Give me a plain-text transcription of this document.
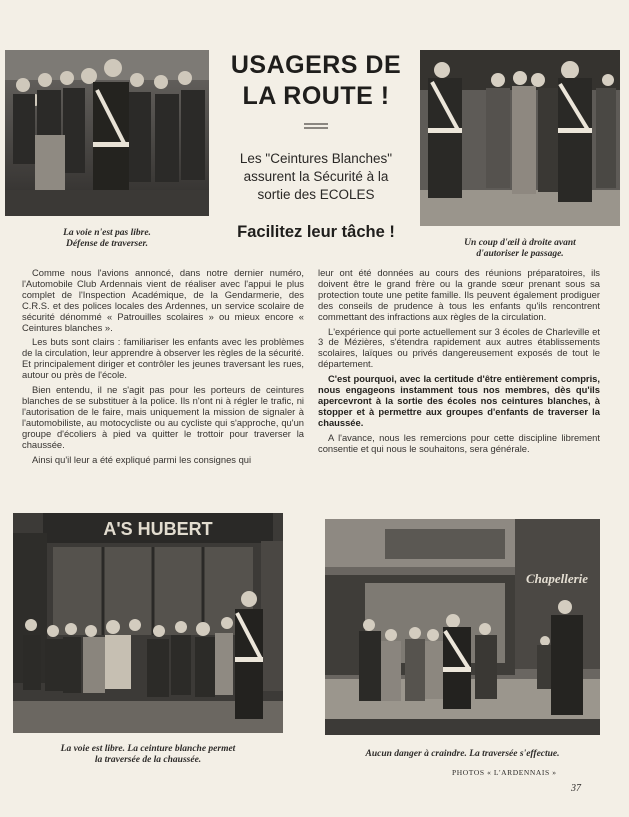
La voie n'est pas libre.
Défense de traverser.	Un coup d'œil à droite avant
d'autoriser le passage.
USAGERS DE
LA ROUTE !
Les "Ceintures Blanches"
assurent la Sécurité à la
sortie des ECOLES
Facilitez leur tâche !

Comme nous l'avions annoncé, dans notre dernier numéro, l'Automobile Club Ardennais vient de réaliser avec l'appui le plus complet de l'Inspection Académique, de la Gendarmerie, des C.R.S. et des polices locales des Ardennes, un service scolaire de sécurité dénommé « Patrouilles scolaires » ou mieux encore « Ceintures blanches ».

Les buts sont clairs : familiariser les enfants avec les problèmes de la circulation, leur apprendre à observer les règles de la sécurité. Et principalement diriger et contrôler les jeunes traversant les rues, autour ou près de l'école.

Bien entendu, il ne s'agit pas pour les porteurs de ceintures blanches de se substituer à la police. Ils n'ont ni à régler le trafic, ni l'autorisation de le faire, mais uniquement la mission de signaler à l'automobiliste, au motocycliste ou au cycliste qui s'approche, qu'un groupe d'écoliers à pied va quitter le trottoir pour traverser la chaussée.

Ainsi qu'il leur a été expliqué parmi les consignes qui

leur ont été données au cours des réunions préparatoires, ils doivent être le grand frère ou la grande sœur prenant sous sa protection toute une petite famille. Ils peuvent également prodiguer des conseils de prudence à tous les enfants qu'ils rencontrent commettant des infractions aux règles de la circulation.

L'expérience qui porte actuellement sur 3 écoles de Charleville et 3 de Mézières, s'étendra rapidement aux autres établissements scolaires, laïques ou privés dangereusement exposés de tout le département.

C'est pourquoi, avec la certitude d'être entièrement compris, nous engageons instamment tous nos membres, dès qu'ils apercevront à la sortie des écoles nos ceintures blanches, à stopper et à permettre aux groupes d'enfants de traverser la chaussée.

A l'avance, nous les remercions pour cette discipline librement consentie et qui nous le souhaitons, sera générale.

A'S HUBERT
La voie est libre. La ceinture blanche permet
la traversée de la chaussée.
Chapellerie
Aucun danger à craindre. La traversée s'effectue.
PHOTOS « L'ARDENNAIS »
37
